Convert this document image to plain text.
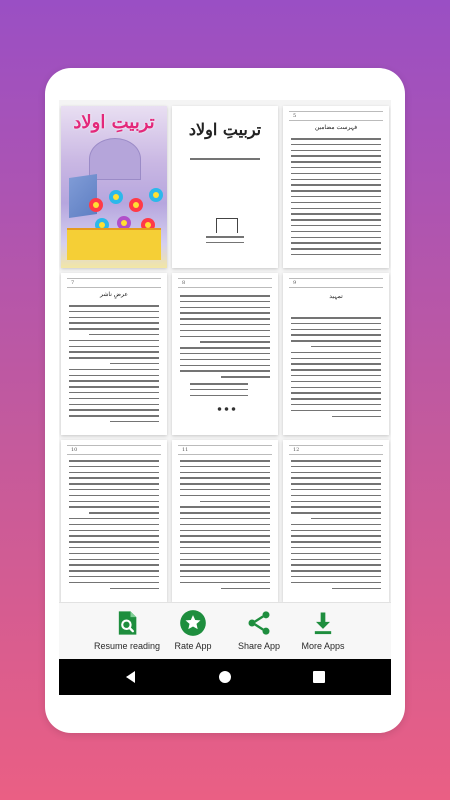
تربیتِ اولاد	تربیتِ اولاد
5
فہرست مضامین
7
عرضِ ناشر
8	9
تمہید
10	11	12
Resume reading	Rate App	Share App	More Apps
